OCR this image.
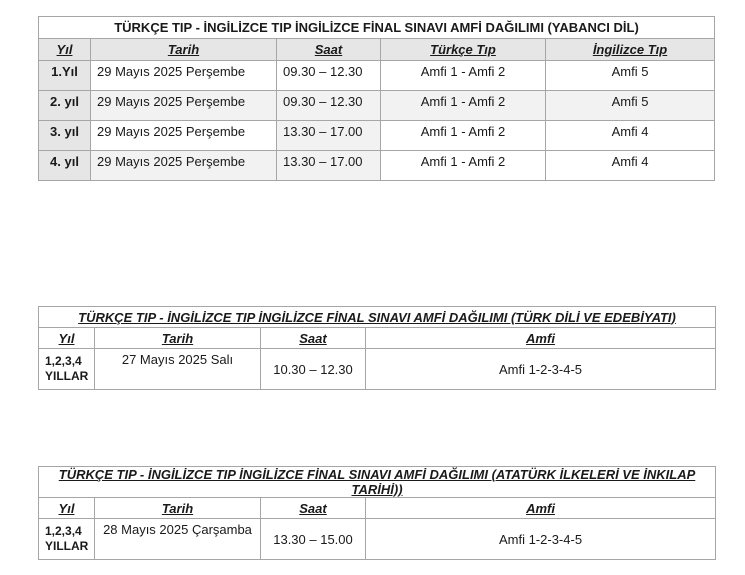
TÜRKÇE TIP - İNGİLİZCE TIP İNGİLİZCE FİNAL SINAVI AMFİ DAĞILIMI (YABANCI DİL)				
Yıl	Tarih	Saat	Türkçe Tıp	İngilizce Tıp
1.Yıl	29 Mayıs 2025 Perşembe	09.30 – 12.30	Amfi 1 - Amfi 2	Amfi 5
2. yıl	29 Mayıs 2025 Perşembe	09.30 – 12.30	Amfi 1 - Amfi 2	Amfi 5
3. yıl	29 Mayıs 2025 Perşembe	13.30 – 17.00	Amfi 1 - Amfi 2	Amfi 4
4. yıl	29 Mayıs 2025 Perşembe	13.30 – 17.00	Amfi 1 - Amfi 2	Amfi 4
TÜRKÇE TIP - İNGİLİZCE TIP İNGİLİZCE FİNAL SINAVI AMFİ DAĞILIMI (TÜRK DİLİ VE EDEBİYATI)			
Yıl	Tarih	Saat	Amfi
1,2,3,4 YILLAR	27 Mayıs 2025 Salı	10.30 – 12.30	Amfi 1-2-3-4-5
TÜRKÇE TIP - İNGİLİZCE TIP İNGİLİZCE FİNAL SINAVI AMFİ DAĞILIMI (ATATÜRK İLKELERİ VE İNKILAP TARİHİ))			
Yıl	Tarih	Saat	Amfi
1,2,3,4 YILLAR	28 Mayıs 2025 Çarşamba	13.30 – 15.00	Amfi 1-2-3-4-5
